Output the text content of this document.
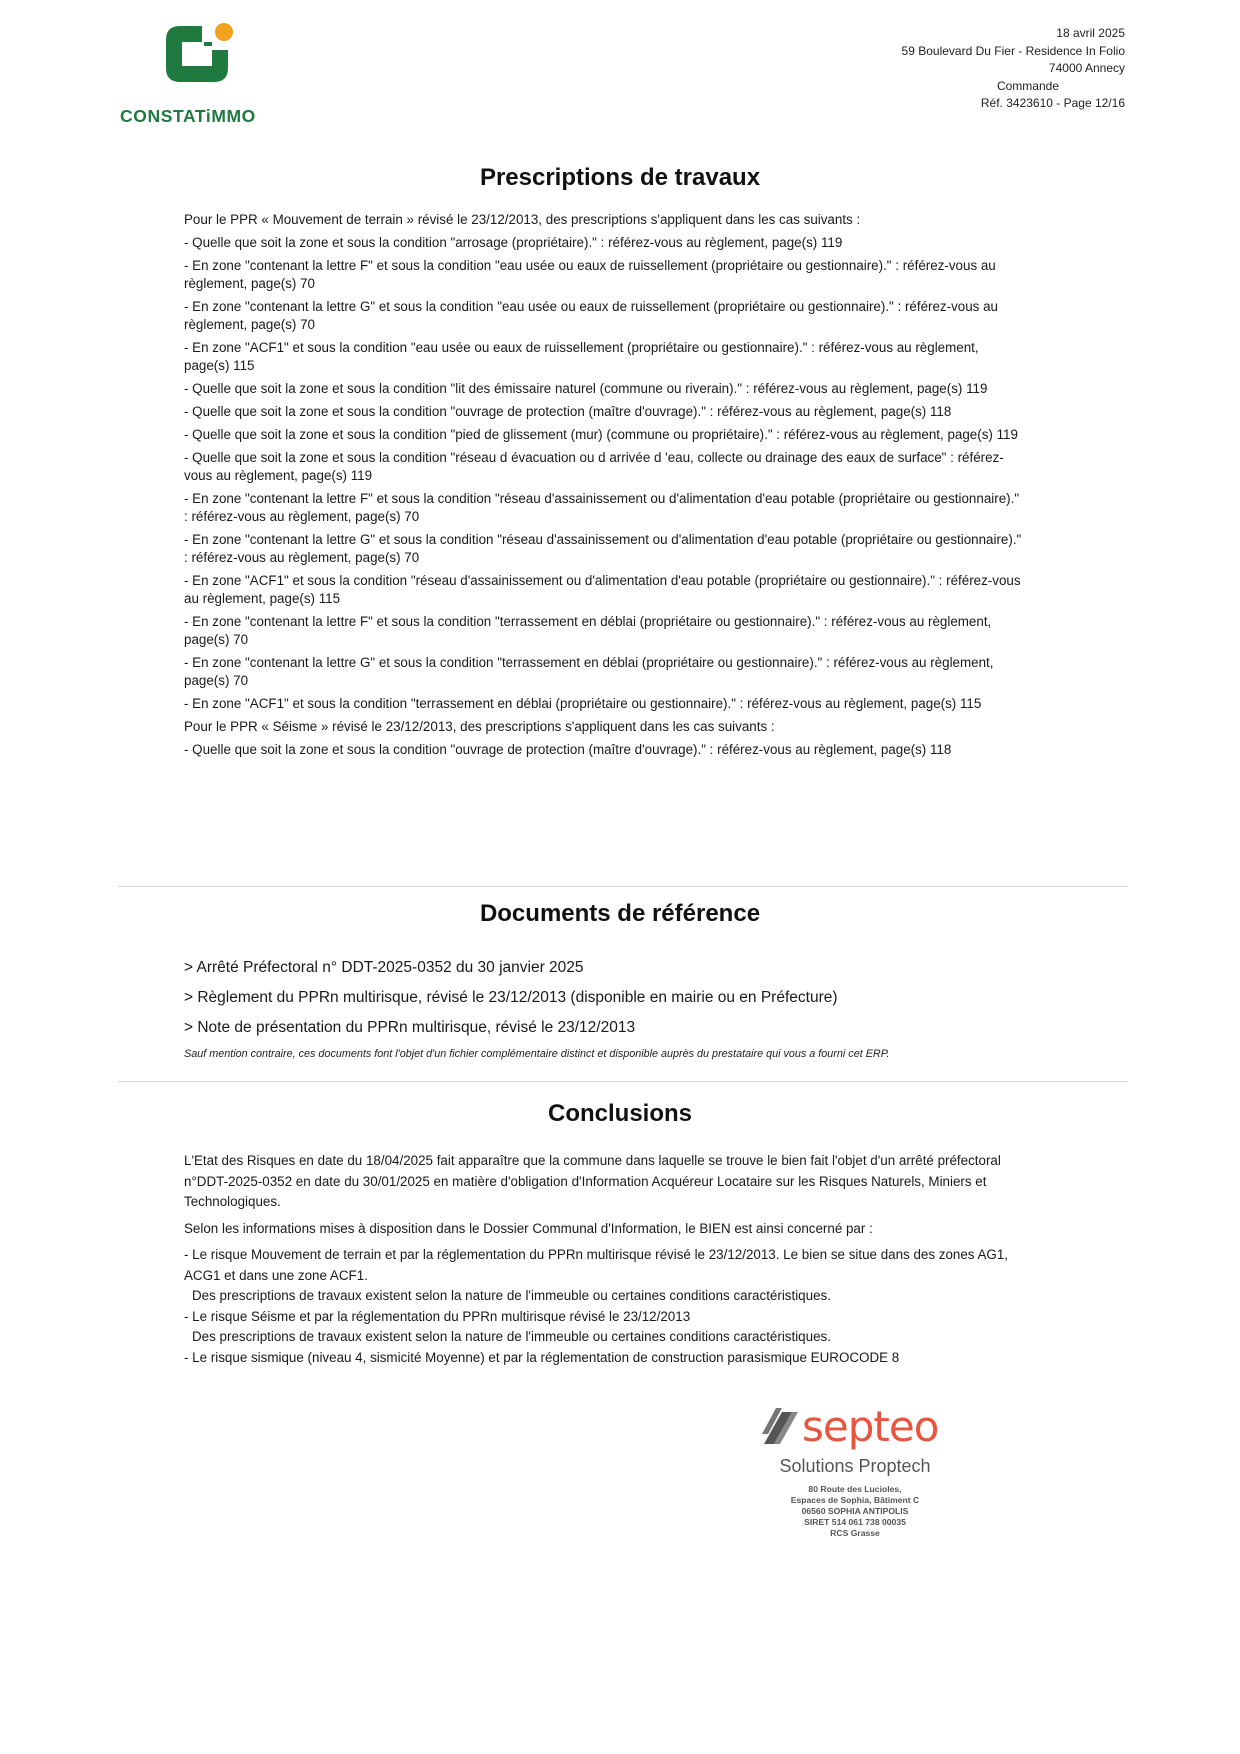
CONSTATiMMO
18 avril 2025
59 Boulevard Du Fier - Residence In Folio
74000 Annecy
Commande
Réf. 3423610 - Page 12/16
Prescriptions de travaux

Pour le PPR « Mouvement de terrain » révisé le 23/12/2013, des prescriptions s'appliquent dans les cas suivants :

- Quelle que soit la zone et sous la condition "arrosage (propriétaire)." : référez-vous au règlement, page(s) 119

- En zone "contenant la lettre F" et sous la condition "eau usée ou eaux de ruissellement (propriétaire ou gestionnaire)." : référez-vous au règlement, page(s) 70

- En zone "contenant la lettre G" et sous la condition "eau usée ou eaux de ruissellement (propriétaire ou gestionnaire)." : référez-vous au règlement, page(s) 70

- En zone "ACF1" et sous la condition "eau usée ou eaux de ruissellement (propriétaire ou gestionnaire)." : référez-vous au règlement, page(s) 115

- Quelle que soit la zone et sous la condition "lit des émissaire naturel (commune ou riverain)." : référez-vous au règlement, page(s) 119

- Quelle que soit la zone et sous la condition "ouvrage de protection (maître d'ouvrage)." : référez-vous au règlement, page(s) 118

- Quelle que soit la zone et sous la condition "pied de glissement (mur) (commune ou propriétaire)." : référez-vous au règlement, page(s) 119

- Quelle que soit la zone et sous la condition "réseau d évacuation ou d arrivée d 'eau, collecte ou drainage des eaux de surface" : référez-vous au règlement, page(s) 119

- En zone "contenant la lettre F" et sous la condition "réseau d'assainissement ou d'alimentation d'eau potable (propriétaire ou gestionnaire)." : référez-vous au règlement, page(s) 70

- En zone "contenant la lettre G" et sous la condition "réseau d'assainissement ou d'alimentation d'eau potable (propriétaire ou gestionnaire)." : référez-vous au règlement, page(s) 70

- En zone "ACF1" et sous la condition "réseau d'assainissement ou d'alimentation d'eau potable (propriétaire ou gestionnaire)." : référez-vous au règlement, page(s) 115

- En zone "contenant la lettre F" et sous la condition "terrassement en déblai (propriétaire ou gestionnaire)." : référez-vous au règlement, page(s) 70

- En zone "contenant la lettre G" et sous la condition "terrassement en déblai (propriétaire ou gestionnaire)." : référez-vous au règlement, page(s) 70

- En zone "ACF1" et sous la condition "terrassement en déblai (propriétaire ou gestionnaire)." : référez-vous au règlement, page(s) 115

Pour le PPR « Séisme » révisé le 23/12/2013, des prescriptions s'appliquent dans les cas suivants :

- Quelle que soit la zone et sous la condition "ouvrage de protection (maître d'ouvrage)." : référez-vous au règlement, page(s) 118

Documents de référence

> Arrêté Préfectoral n° DDT-2025-0352 du 30 janvier 2025

> Règlement du PPRn multirisque, révisé le 23/12/2013 (disponible en mairie ou en Préfecture)

> Note de présentation du PPRn multirisque, révisé le 23/12/2013

Sauf mention contraire, ces documents font l'objet d'un fichier complémentaire distinct et disponible auprès du prestataire qui vous a fourni cet ERP.
Conclusions

L'Etat des Risques en date du 18/04/2025 fait apparaître que la commune dans laquelle se trouve le bien fait l'objet d'un arrêté préfectoral n°DDT-2025-0352 en date du 30/01/2025 en matière d'obligation d'Information Acquéreur Locataire sur les Risques Naturels, Miniers et Technologiques.

Selon les informations mises à disposition dans le Dossier Communal d'Information, le BIEN est ainsi concerné par :

- Le risque Mouvement de terrain et par la réglementation du PPRn multirisque révisé le 23/12/2013. Le bien se situe dans des zones AG1, ACG1 et dans une zone ACF1.
Des prescriptions de travaux existent selon la nature de l'immeuble ou certaines conditions caractéristiques.
- Le risque Séisme et par la réglementation du PPRn multirisque révisé le 23/12/2013
Des prescriptions de travaux existent selon la nature de l'immeuble ou certaines conditions caractéristiques.
- Le risque sismique (niveau 4, sismicité Moyenne) et par la réglementation de construction parasismique EUROCODE 8
septeo
Solutions Proptech
80 Route des Lucioles,
Espaces de Sophia, Bâtiment C
06560 SOPHIA ANTIPOLIS
SIRET 514 061 738 00035
RCS Grasse
